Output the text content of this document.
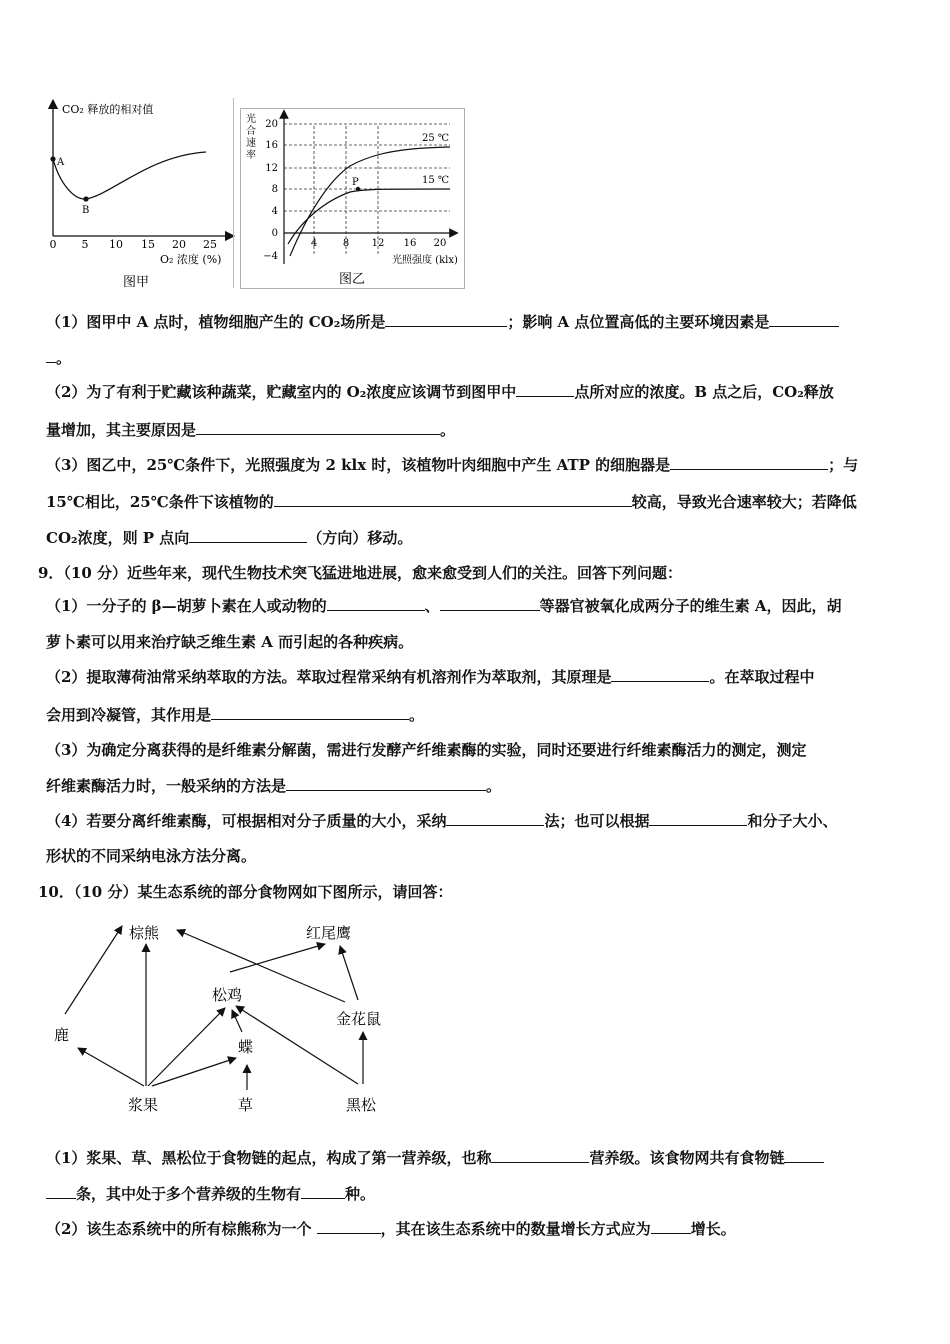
CO₂ 释放的相对值
A
B
0 5 10 15 20 25
O₂ 浓度 (%)
图甲
光
合
速
率
20
16
12
8
4
0
−4
4	8 12 16 20
P
25 ℃
15 ℃
光照强度 (klx)
图乙
（1）图甲中 A 点时，植物细胞产生的 CO₂场所是	；影响 A 点位置高低的主要环境因素是
。
（2）为了有利于贮藏该种蔬菜，贮藏室内的 O₂浓度应该调节到图甲中	点所对应的浓度。B 点之后，CO₂释放
量增加，其主要原因是	。
（3）图乙中，25℃条件下，光照强度为 2 klx 时，该植物叶肉细胞中产生 ATP 的细胞器是	；与
15℃相比，25℃条件下该植物的	较高，导致光合速率较大；若降低
CO₂浓度，则 P 点向	（方向）移动。
9．（10 分）近些年来，现代生物技术突飞猛进地进展，愈来愈受到人们的关注。回答下列问题：
（1）一分子的 β—胡萝卜素在人或动物的	、	等器官被氧化成两分子的维生素 A，因此，胡
萝卜素可以用来治疗缺乏维生素 A 而引起的各种疾病。
（2）提取薄荷油常采纳萃取的方法。萃取过程常采纳有机溶剂作为萃取剂，其原理是	。在萃取过程中
会用到冷凝管，其作用是	。
（3）为确定分离获得的是纤维素分解菌，需进行发酵产纤维素酶的实验，同时还要进行纤维素酶活力的测定，测定
纤维素酶活力时，一般采纳的方法是	。
（4）若要分离纤维素酶，可根据相对分子质量的大小，采纳	法；也可以根据	和分子大小、
形状的不同采纳电泳方法分离。
10．（10 分）某生态系统的部分食物网如下图所示，请回答：
棕熊	红尾鹰
松鸡
金花鼠
鹿
蝶
浆果	草	黑松
（1）浆果、草、黑松位于食物链的起点，构成了第一营养级，也称	营养级。该食物网共有食物链
条，其中处于多个营养级的生物有	种。
（2）该生态系统中的所有棕熊称为一个	，其在该生态系统中的数量增长方式应为	增长。
